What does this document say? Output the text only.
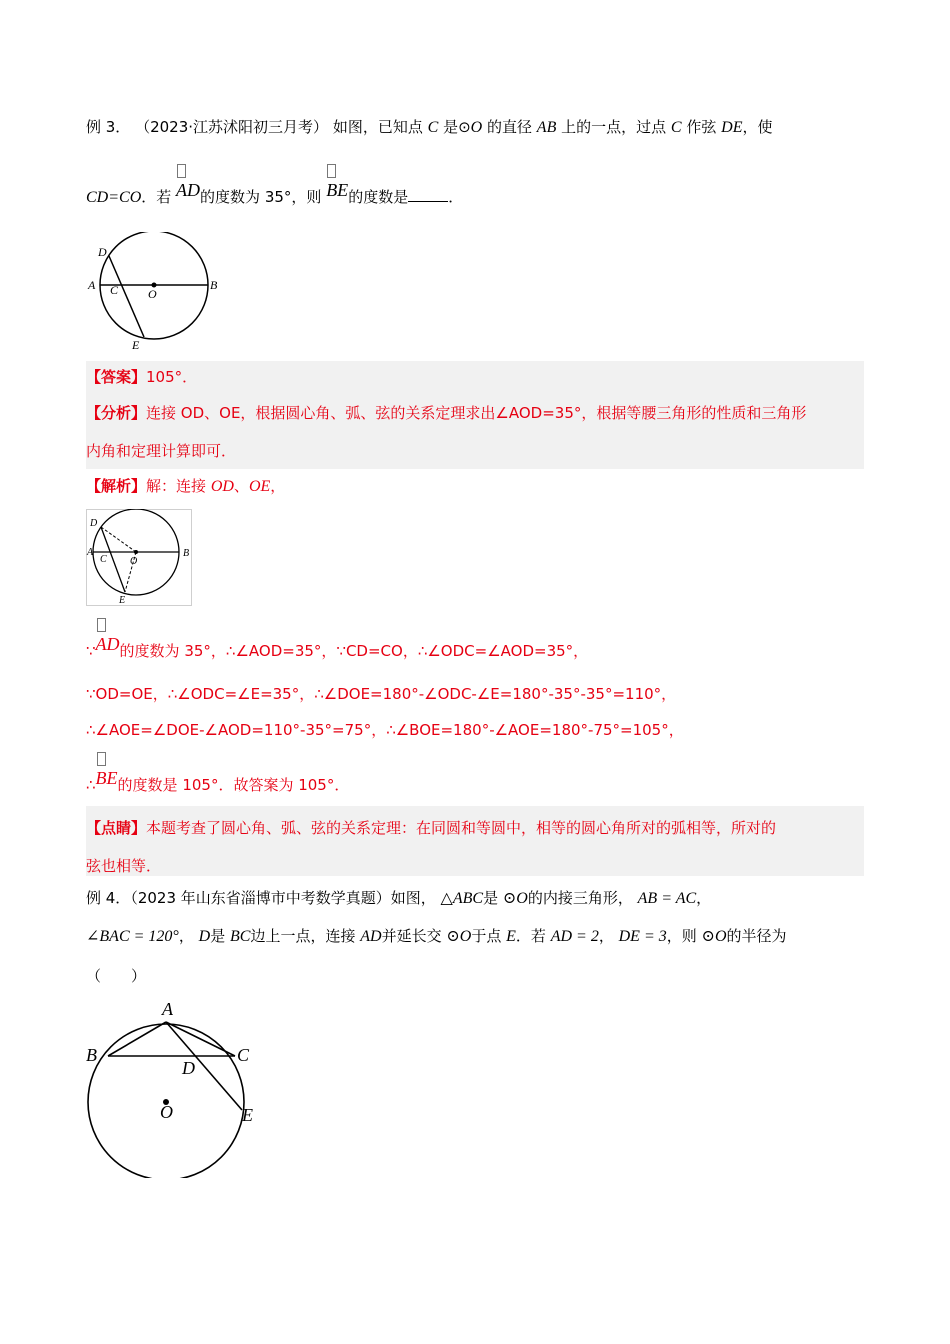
例 3． （2023·江苏沭阳初三月考） 如图，已知点 C 是⊙O 的直径 AB 上的一点，过点 C 作弦 DE，使
CD=CO．若 AD的度数为 35°，则 BE的度数是	．
D
A C O
B
E
【答案】105°．
【分析】连接 OD、OE，根据圆心角、弧、弦的关系定理求出∠AOD=35°，根据等腰三角形的性质和三角形
内角和定理计算即可．
【解析】解：连接 OD、OE，
D
A
C O
B
E
∵
AD的度数为 35°，∴∠AOD=35°，∵CD=CO，∴∠ODC=∠AOD=35°，
∵OD=OE，∴∠ODC=∠E=35°，∴∠DOE=180°-∠ODC-∠E=180°-35°-35°=110°，
∴∠AOE=∠DOE-∠AOD=110°-35°=75°，∴∠BOE=180°-∠AOE=180°-75°=105°，
∴
BE的度数是 105°．故答案为 105°．
【点睛】本题考查了圆心角、弧、弦的关系定理：在同圆和等圆中，相等的圆心角所对的弧相等，所对的
弦也相等．
例 4．（2023 年山东省淄博市中考数学真题）如图， △ABC是 ⊙O的内接三角形， AB = AC，
∠BAC = 120°， D是 BC边上一点，连接 AD并延长交 ⊙O于点 E．若 AD = 2， DE = 3，则 ⊙O的半径为
（　　）
A
B	C
D
O	E
